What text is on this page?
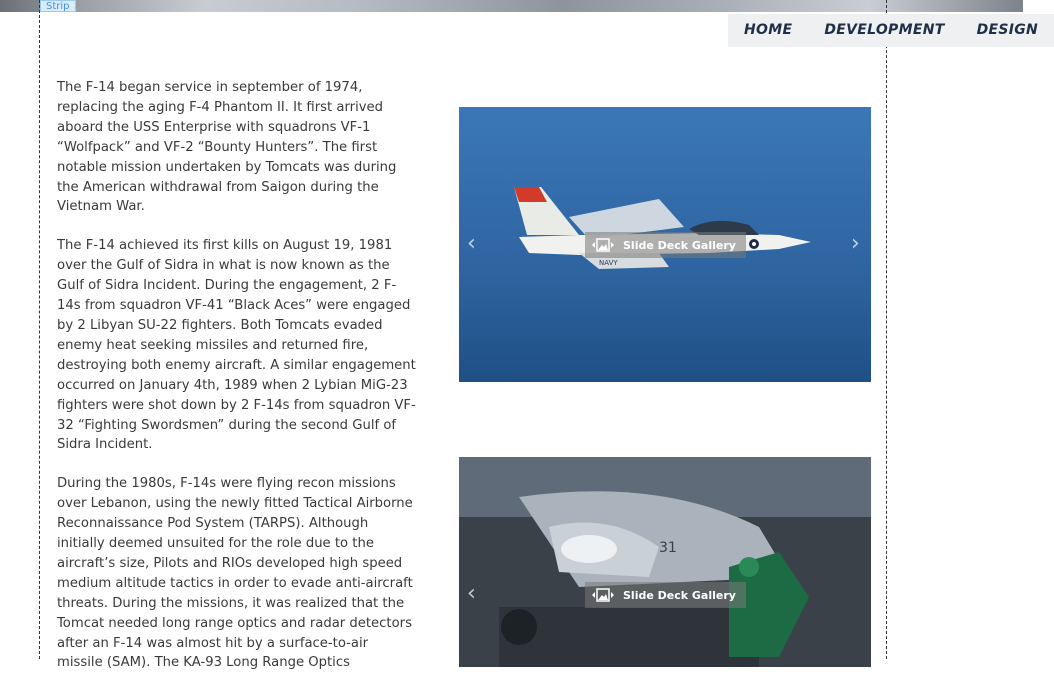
Strip
HOME	DEVELOPMENT	DESIGN

The F-14 began service in september of 1974, replacing the aging F-4 Phantom II. It first arrived aboard the USS Enterprise with squadrons VF-1 “Wolfpack” and VF-2 “Bounty Hunters”. The first notable mission undertaken by Tomcats was during the American withdrawal from Saigon during the Vietnam War.

The F-14 achieved its first kills on August 19, 1981 over the Gulf of Sidra in what is now known as the Gulf of Sidra Incident. During the engagement, 2 F-14s from squadron VF-41 “Black Aces” were engaged by 2 Libyan SU-22 fighters. Both Tomcats evaded enemy heat seeking missiles and returned fire, destroying both enemy aircraft. A similar engagement occurred on January 4th, 1989 when 2 Lybian MiG-23 fighters were shot down by 2 F-14s from squadron VF-32 “Fighting Swordsmen” during the second Gulf of Sidra Incident.

During the 1980s, F-14s were flying recon missions over Lebanon, using the newly fitted Tactical Airborne Reconnaissance Pod System (TARPS). Although initially deemed unsuited for the role due to the aircraft’s size, Pilots and RIOs developed high speed medium altitude tactics in order to evade anti-aircraft threats. During the missions, it was realized that the Tomcat needed long range optics and radar detectors after an F-14 was almost hit by a surface-to-air missile (SAM). The KA-93 Long Range Optics

NAVY
‹	›
Slide Deck Gallery
31
‹	Slide Deck Gallery
